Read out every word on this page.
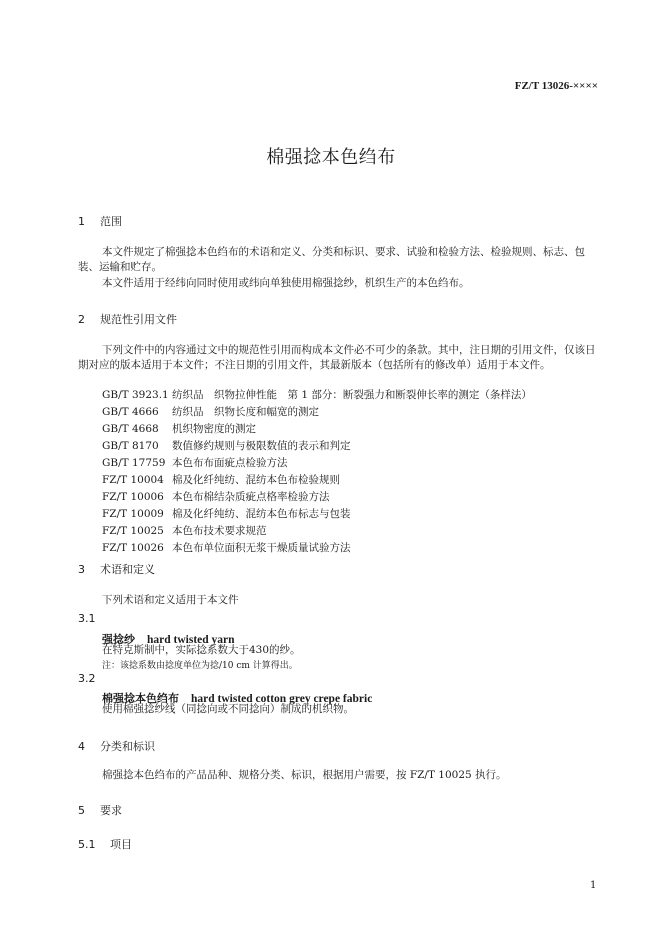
FZ/T 13026-××××
棉强捻本色绉布
1 范围
本文件规定了棉强捻本色绉布的术语和定义、分类和标识、要求、试验和检验方法、检验规则、标志、包装、运输和贮存。
本文件适用于经纬向同时使用或纬向单独使用棉强捻纱，机织生产的本色绉布。
2 规范性引用文件
下列文件中的内容通过文中的规范性引用而构成本文件必不可少的条款。其中，注日期的引用文件，仅该日期对应的版本适用于本文件；不注日期的引用文件，其最新版本（包括所有的修改单）适用于本文件。
GB/T 3923.1 纺织品　织物拉伸性能　第 1 部分：断裂强力和断裂伸长率的测定（条样法）
GB/T 4666 纺织品　织物长度和幅宽的测定
GB/T 4668 机织物密度的测定
GB/T 8170 数值修约规则与极限数值的表示和判定
GB/T 17759 本色布布面疵点检验方法
FZ/T 10004 棉及化纤纯纺、混纺本色布检验规则
FZ/T 10006 本色布棉结杂质疵点格率检验方法
FZ/T 10009 棉及化纤纯纺、混纺本色布标志与包装
FZ/T 10025 本色布技术要求规范
FZ/T 10026 本色布单位面积无浆干燥质量试验方法
3 术语和定义
下列术语和定义适用于本文件
3.1
强捻纱 hard twisted yarn
在特克斯制中，实际捻系数大于430的纱。
注：该捻系数由捻度单位为捻/10 cm 计算得出。
3.2
棉强捻本色绉布 hard twisted cotton grey crepe fabric
使用棉强捻纱线（同捻向或不同捻向）制成的机织物。
4 分类和标识
棉强捻本色绉布的产品品种、规格分类、标识，根据用户需要，按 FZ/T 10025 执行。
5 要求
5.1 项目
1
